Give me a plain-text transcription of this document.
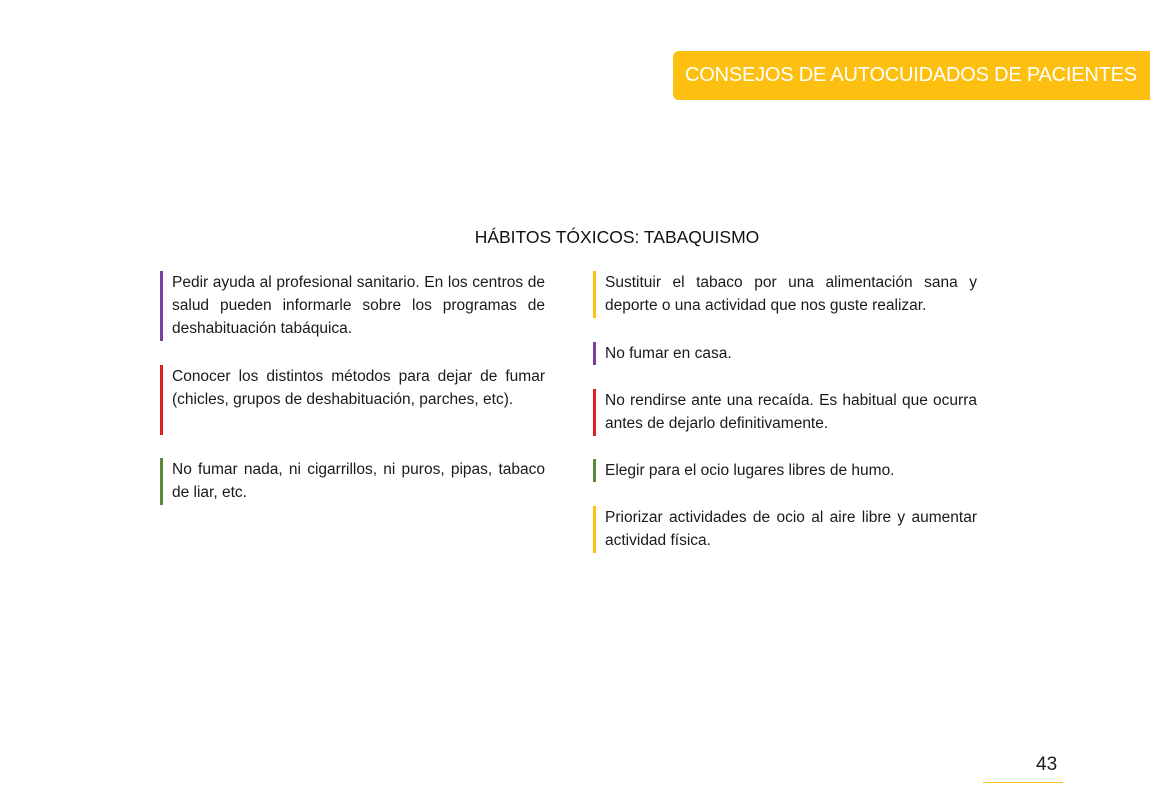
CONSEJOS DE AUTOCUIDADOS DE PACIENTES
HÁBITOS TÓXICOS: TABAQUISMO
Pedir ayuda al profesional sanitario. En los centros de salud pueden informarle sobre los programas de deshabituación tabáquica.
Conocer los distintos métodos para dejar de fumar (chicles, grupos de deshabituación, parches, etc).
No fumar nada, ni cigarrillos, ni puros, pipas, tabaco de liar, etc.
Sustituir el tabaco por una alimentación sana y deporte o una actividad que nos guste realizar.
No fumar en casa.
No rendirse ante una recaída. Es habitual que ocurra antes de dejarlo definitivamente.
Elegir para el ocio lugares libres de humo.
Priorizar actividades de ocio al aire libre y aumentar actividad física.
43
